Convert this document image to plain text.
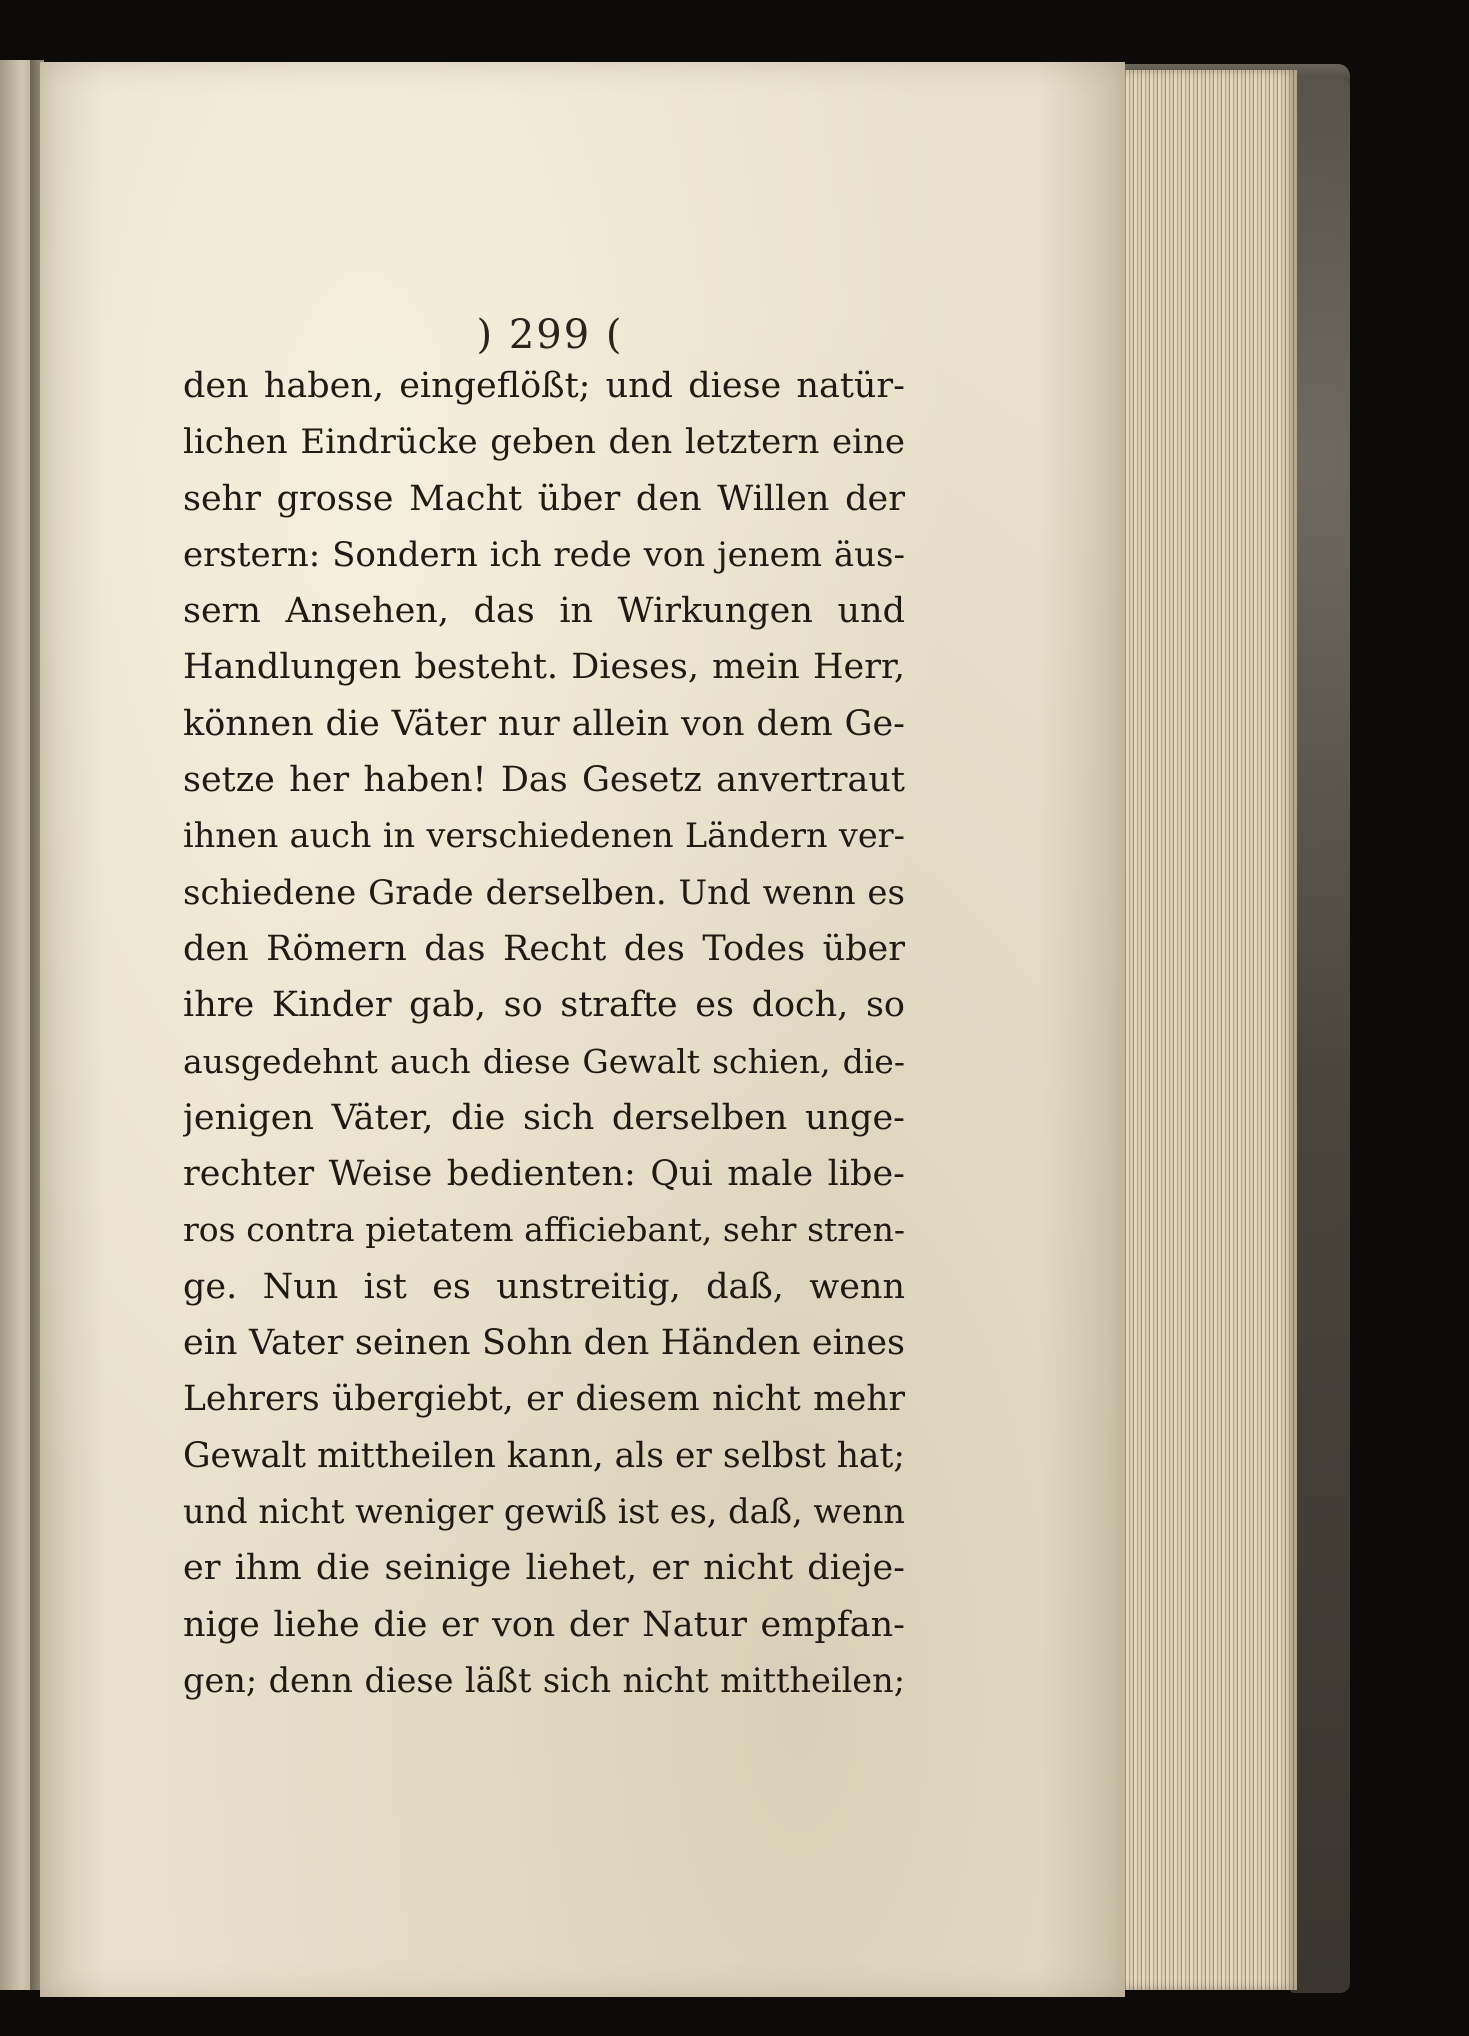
) 299 (
den haben, eingeflößt; und diese natür-
lichen Eindrücke geben den letztern eine
sehr grosse Macht über den Willen der
erstern: Sondern ich rede von jenem äus-
sern Ansehen, das in Wirkungen und
Handlungen besteht. Dieses, mein Herr,
können die Väter nur allein von dem Ge-
setze her haben! Das Gesetz anvertraut
ihnen auch in verschiedenen Ländern ver-
schiedene Grade derselben. Und wenn es
den Römern das Recht des Todes über
ihre Kinder gab, so strafte es doch, so
ausgedehnt auch diese Gewalt schien, die-
jenigen Väter, die sich derselben unge-
rechter Weise bedienten: Qui male libe-
ros contra pietatem afficiebant, sehr stren-
ge. Nun ist es unstreitig, daß, wenn
ein Vater seinen Sohn den Händen eines
Lehrers übergiebt, er diesem nicht mehr
Gewalt mittheilen kann, als er selbst hat;
und nicht weniger gewiß ist es, daß, wenn
er ihm die seinige liehet, er nicht dieje-
nige liehe die er von der Natur empfan-
gen; denn diese läßt sich nicht mittheilen;
